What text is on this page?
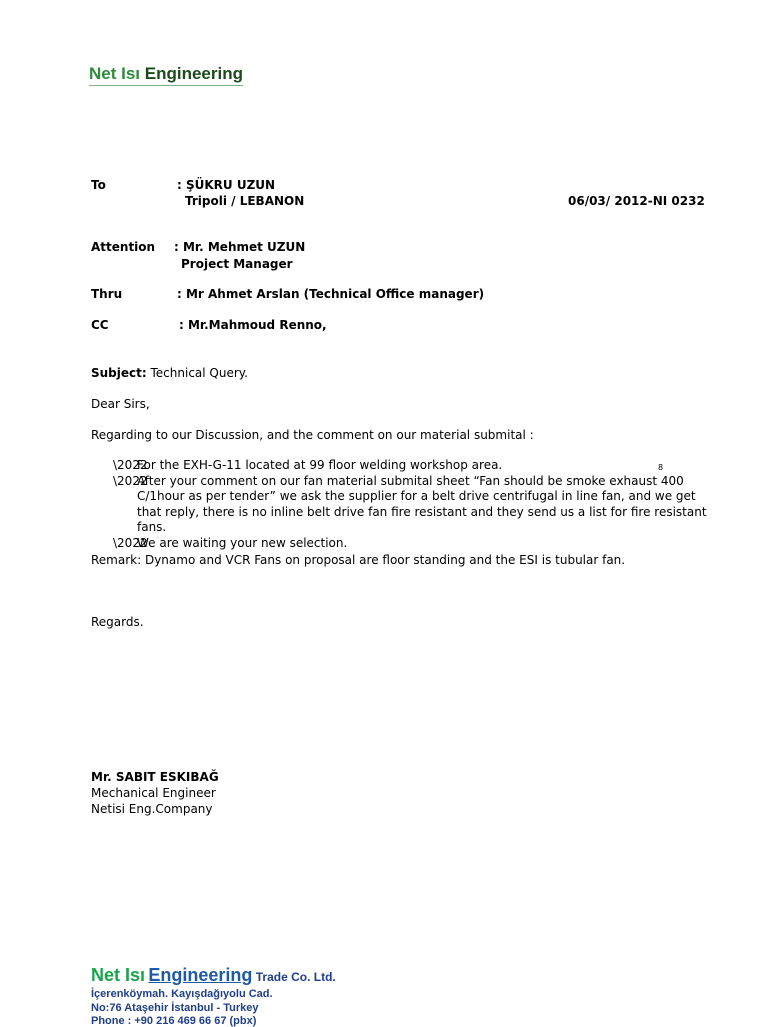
Net Isı Engineering
To	: ŞÜKRU UZUN
Tripoli / LEBANON	06/03/ 2012-NI 0232
Attention : Mr. Mehmet UZUN
Project Manager
Thru	: Mr Ahmet Arslan (Technical Office manager)
CC	: Mr.Mahmoud Renno,
Subject: Technical Query.
Dear Sirs,
Regarding to our Discussion, and the comment on our material submital :
8
• For the EXH-G-11 located at 99 floor welding workshop area.
• After your comment on our fan material submital sheet “Fan should be smoke exhaust 400 C/1hour as per tender” we ask the supplier for a belt drive centrifugal in line fan, and we get that reply, there is no inline belt drive fan fire resistant and they send us a list for fire resistant fans.
• We are waiting your new selection.
Remark: Dynamo and VCR Fans on proposal are floor standing and the ESI is tubular fan.
Regards.
Mr. SABIT ESKIBAĞ
Mechanical Engineer
Netisi Eng.Company
Net Isı Engineering Trade Co. Ltd.
İçerenköymah. Kayışdağıyolu Cad.
No:76 Ataşehir İstanbul - Turkey
Phone : +90 216 469 66 67 (pbx)
